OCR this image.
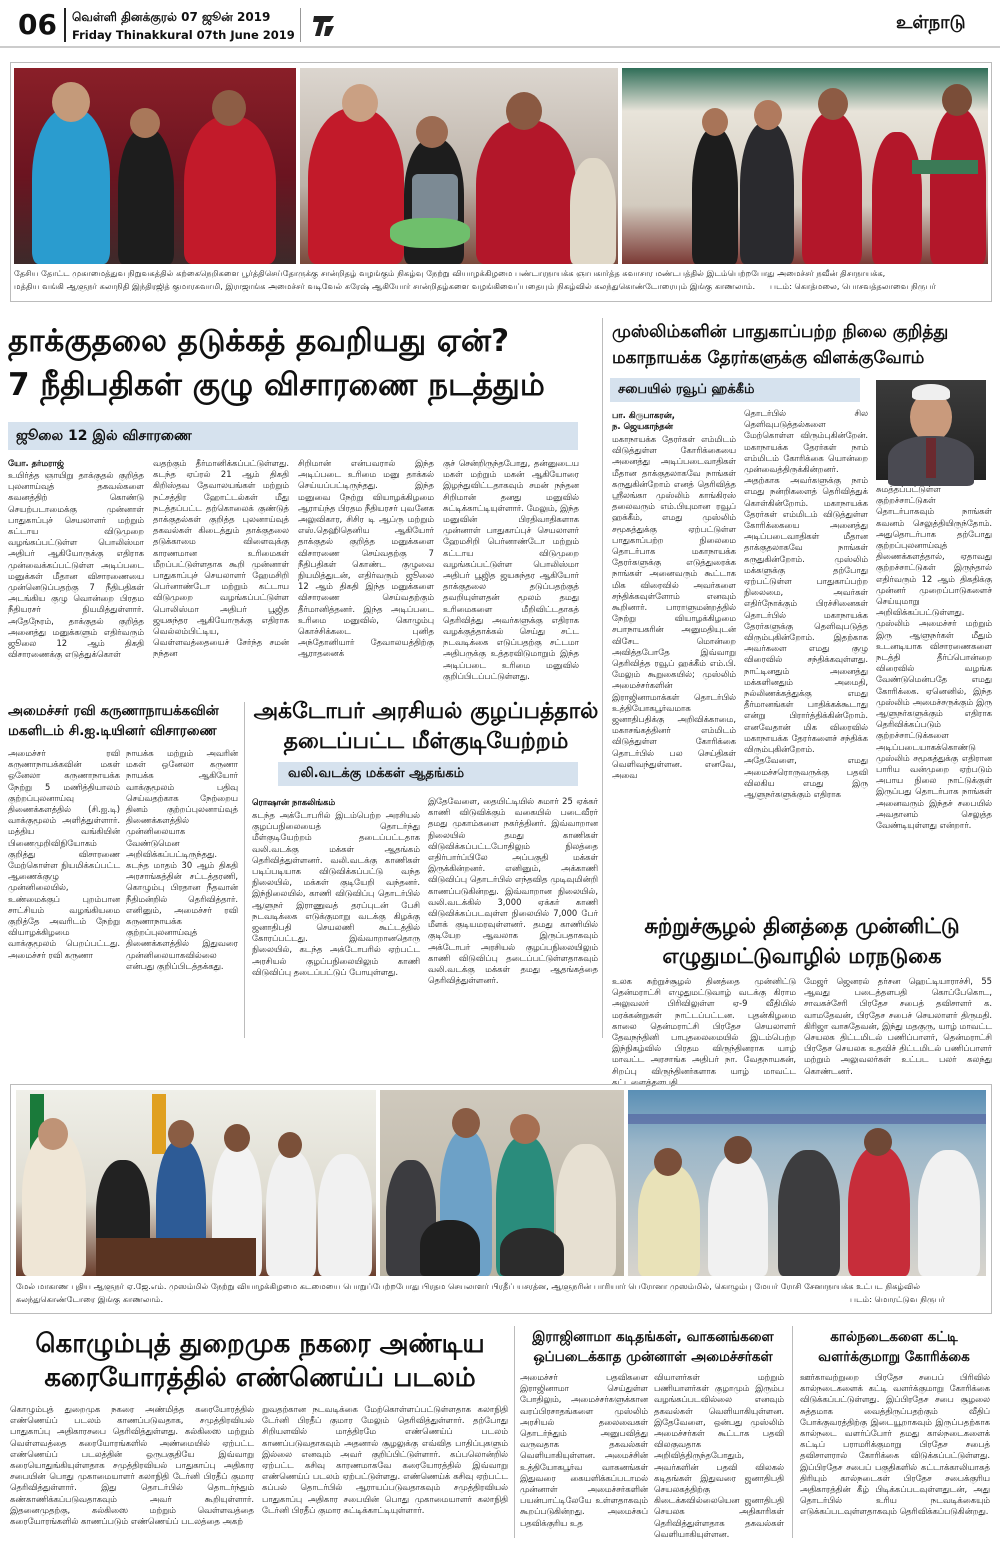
06 வெள்ளி தினக்குரல் 07 ஜூன் 2019
Friday Thinakkural 07th June 2019
உள்நாடு
தேசிய தோட்ட முகாமைத்துவ நிறுவகத்தில் கற்கைநெறிகளை பூர்த்திசெய்தோருக்கு சான்றிதழ் வழங்கும் நிகழ்வு நேற்று வியாழக்கிழமை பண்டாரநாயக்க ஞாபகார்த்த சுவாசார மண்டபத்தில் இடம்பெற்றபோது அமைச்சர் நவீன் திசாநாயக்க,
மத்திய வங்கி ஆளுநர் கலாநிதி இந்திரஜித் குமாரசுவாமி, இராஜாங்க அமைச்சர் வடிவேல் சுரேஷ் ஆகியோர் சான்றிதழ்களை வழங்கிவைப்பதையும் நிகழ்வில் கலந்துகொண்டோரையும் இங்கு காணலாம். படம்: கொத்மலை, பொசவத்தலாவை நிருபர்
தாக்குதலை தடுக்கத் தவறியது ஏன்?
7 நீதிபதிகள் குழு விசாரணை நடத்தும்
ஜூலை 12 இல் விசாரணை
யோ. தர்மராஜ்
உயிர்த்த ஞாயிறு தாக்குதல் குறித்த புலனாய்வுத் தகவல்களை கவனத்திற் கொண்டு செயற்படாமைக்கு முன்னாள் பாதுகாப்புச் செயலாளர் மற்றும் கட்டாய விடுமுறை வழங்கப்பட்டுள்ள பொலிஸ்மா அதிபர் ஆகியோருக்கு எதிராக முன்வைக்கப்பட்டுள்ள அடிப்படை மனுக்கள் மீதான விசாரணையை முன்னெடுப்பதற்கு 7 நீதிபதிகள் அடங்கிய குழு வொன்றை பிரதம நீதியரசர் நியமித்துள்ளார். அதேநேரம், தாக்குதல் குறித்த அனைத்து மனுக்களும் எதிர்வரும் ஜூலை 12 ஆம் திகதி விசாரணைக்கு எடுத்துக்கொள்
வதற்கும் தீர்மானிக்கப்பட்டுள்ளது. கடந்த ஏப்ரல் 21 ஆம் திகதி கிறிஸ்தவ தேவாலயங்கள் மற்றும் நட்சத்திர ஹோட்டல்கள் மீது நடத்தப்பட்ட தற்கொலைக் குண்டுத் தாக்குதல்கள் குறித்த புலனாய்வுத் தகவல்கள் கிடைத்தும் தாக்குதலை தடுக்காமை விளைவுக்கு காரணமான உரிமைகள் மீறப்பட்டுள்ளதாக கூறி முன்னாள் பாதுகாப்புச் செயலாளர் ஹேமசிறி பெர்னாண்டோ மற்றும் கட்டாய விடுமுறை வழங்கப்பட்டுள்ள பொலிஸ்மா அதிபர் பூஜித ஜயசுந்தர ஆகியோருக்கு எதிராக வெல்லம்பிட்டிய, வெள்ளவத்தையைச் சேர்ந்த சமன் நந்தன
சிறிமான் என்பவரால் இந்த அடிப்படை உரிமை மனு தாக்கல் செய்யப்பட்டிருந்தது. இந்த மனுவை நேற்று வியாழக்கிழமை ஆராய்ந்த பிரதம நீதியரசர் புவனேக அலுவிகார, சிசிர டி ஆப்ரு மற்றும் எஸ்.தெஹிதெனிய ஆகியோர் தாக்குதல் குறித்த மனுக்களை விசாரணை செய்வதற்கு 7 நீதிபதிகள் கொண்ட குழுவை நியமித்துடன், எதிர்வரும் ஜூலை 12 ஆம் திகதி இந்த மனுக்களை விசாரணை செய்வதற்கும் தீர்மானித்தனர். இந்த அடிப்படை உரிமை மனுவில், கொழும்பு கொச்சிக்கடை புனித அந்தோனியார் தேவாலயத்திற்கு ஆராதனைக்
குச் சென்றிருந்தபோது, தன்னுடைய மகள் மற்றும் மகன் ஆகியோரை இழந்துவிட்டதாகவும் சமன் நந்தன சிறிமான் தனது மனுவில் சுட்டிக்காட்டியுள்ளார். மேலும், இந்த மனுவின் பிரதிவாதிகளாக முன்னாள் பாதுகாப்புச் செயலாளர் ஹேமசிறி பெர்னாண்டோ மற்றும் கட்டாய விடுமுறை வழங்கப்பட்டுள்ள பொலிஸ்மா அதிபர் பூஜித ஜயசுந்தர ஆகியோர் தாக்குதலை தடுப்பதற்குத் தவறியுள்ளதன் மூலம் தமது உரிமைகளை மீறிவிட்டதாகத் தெரிவித்து அவர்களுக்கு எதிராக வழக்குத்தாக்கல் செய்து சட்ட நடவடிக்கை எடுப்பதற்கு சட்டமா அதிபருக்கு உத்தரவிடுமாறும் இந்த அடிப்படை உரிமை மனுவில் குறிப்பிடப்பட்டுள்ளது.
முஸ்லிம்களின் பாதுகாப்பற்ற நிலை குறித்து
மகாநாயக்க தேரர்களுக்கு விளக்குவோம்
சபையில் ரவூப் ஹக்கீம்
பா. கிருபாகரன்,
ந. ஜெயகாந்தன்
மகாநாயக்க தேரர்கள் எம்மிடம் விடுத்துள்ள கோரிக்கையை அனைத்து அடிப்படைவாதிகள் மீதான தாக்குதலாகவே நாங்கள் கருதுகின்றோம் எனத் தெரிவித்த ஸ்ரீலங்கா முஸ்லிம் காங்கிரஸ் தலைவரும் எம்.பியுமான ரவூப் ஹக்கீம், எமது முஸ்லிம் சமூகத்துக்கு ஏற்பட்டுள்ள பாதுகாப்பற்ற நிலைமை தொடர்பாக மகாநாயக்க தேரர்களுக்கு எடுத்துரைக்க நாங்கள் அனைவரும் கூட்டாக மிக விரைவில் அவர்களை சந்திக்கவுள்ளோம் எனவும் கூறினார். பாராளுமன்றத்தில் நேற்று வியாழக்கிழமை சபாநாயகரின் அனுமதியுடன் விசேட மொன்றை அவித்தபோதே இவ்வாறு தெரிவித்த ரவூப் ஹக்கீம் எம்.பி. மேலும் கூறுகையில்; முஸ்லிம் அமைச்சர்களின் இராஜினாமாக்கள் தொடர்பில் உத்தியோகபூர்வமாக ஜனாதிபதிக்கு அறிவிக்காமை, மகாசங்கத்தினர் எம்மிடம் விடுத்துள்ள கோரிக்கை தொடர்பில் பல செய்திகள் வெளிவந்துள்ளன. எனவே, அவை
தொடர்பில் சில தெளிவுபடுத்தல்களை மேற்கொள்ள விரும்புகின்றேன். மகாநாயக்க தேரர்கள் நாம் எம்மிடம் கோரிக்கை யொன்றை முன்வைத்திருக்கின்றனர். அதற்காக அவர்களுக்கு நாம் எமது நன்றிகளைத் தெரிவித்துக் கொள்கின்றோம். மகாநாயக்க தேரர்கள் எம்மிடம் விடுத்துள்ள கோரிக்கையை அனைத்து அடிப்படைவாதிகள் மீதான தாக்குதலாகவே நாங்கள் கருதுகின்றோம். முஸ்லிம் மக்களுக்கு தற்போது ஏற்பட்டுள்ள பாதுகாப்பற்ற நிலைமை, அவர்கள் எதிர்நோக்கும் பிரச்சினைகள் தொடர்பில் மகாநாயக்க தேரர்களுக்கு தெளிவுபடுத்த விரும்புகின்றோம். இதற்காக அவர்களை எமது குழு விரைவில் சந்திக்கவுள்ளது. நாட்டினதும் அனைத்து மக்களினதும் அமைதி, நல்லிணக்கத்துக்கு எமது தீர்மானங்கள் பாதிக்கக்கூடாது என்று பிரார்த்திக்கின்றோம். எனவேதான் மிக விரைவில் மகாநாயக்க தேரர்களைச் சந்திக்க விரும்புகின்றோம். அதேவேளை, எமது அமைச்சரொருவருக்கு பதவி விலகிய எமது இரு ஆளுநர்களுக்கும் எதிராக
சுமத்தப்பட்டுள்ள குற்றச்சாட்டுகள் தொடர்பாகவும் நாங்கள் கவனம் செலுத்தியிருந்தோம். அதுதொடர்பாக தற்போது குற்றப்புலனாய்வுத் திணைக்களத்தால், ஏதாவது குற்றச்சாட்டுகள் இருந்தால் எதிர்வரும் 12 ஆம் திகதிக்கு முன்னர் முறைப்பாடுகளைச் செய்யுமாறு அறிவிக்கப்பட்டுள்ளது. முஸ்லிம் அமைச்சர் மற்றும் இரு ஆளுநர்கள் மீதும் உடனடியாக விசாரணைகளை நடத்தி தீர்ப்பொன்றை விரைவில் வழங்க வேண்டுமென்பதே எமது கோரிக்கை. ஏனெனில், இந்த முஸ்லிம் அமைச்சருக்கும் இரு ஆளுநர்களுக்கும் எதிராக தெரிவிக்கப்படும் குற்றச்சாட்டுக்களை அடிப்படையாகக்கொண்டு முஸ்லிம் சமூகத்துக்கு எதிரான பாரிய வன்முறை ஏற்படும் அபாய நிலை நாட்டுக்குள் இருப்பது தொடர்பாக நாங்கள் அனைவரும் இந்தச் சபையில் அவதானம் செலுத்த வேண்டியுள்ளது என்றார்.
அமைச்சர் ரவி கருணாநாயக்கவின்
மகளிடம் சி.ஐ.டியினர் விசாரணை
அமைச்சர் ரவி கருணாநாயக்கவின் மகள் ஒனேலா கருணாநாயக்க நேற்று 5 மணித்தியாலம் குற்றப்புலனாய்வு திணைக்களத்தில் (சி.ஐ.டி) வாக்குமூலம் அளித்துள்ளார். மத்திய வங்கியின் பிணைமுறிவிநியோகம் குறித்து விசாரணை மேற்கொள்ள நியமிக்கப்பட்ட ஆணைக்குழு முன்னிலையில், உண்மைக்குப் புறம்பான சாட்சியம் வழங்கியமை குறித்தே அவரிடம் நேற்று வியாழக்கிழமை வாக்குமூலம் பெறப்பட்டது. அமைச்சர் ரவி கருணா
நாயக்க மற்றும் அவரின் மகள் ஒனேலா கருணா நாயக்க ஆகியோர் வாக்குமூலம் பதிவு செய்வதற்காக நேற்றைய தினம் குற்றப்புலனாய்வுத் திணைக்களத்தில் முன்னிலையாக வேண்டுமென அறிவிக்கப்பட்டிருந்தது. கடந்த மாதம் 30 ஆம் திகதி அரசாங்கத்தின் சட்டத்தரணி, கொழும்பு பிரதான நீதவான் நீதிமன்றில் தெரிவித்தார். எனினும், அமைச்சர் ரவி கருணாநாயக்க குற்றப்புலனாய்வுத் திணைக்களத்தில் இதுவரை முன்னிலையாகவில்லை என்பது குறிப்பிடத்தக்கது.
அக்டோபர் அரசியல் குழப்பத்தால்
தடைப்பட்ட மீள்குடியேற்றம்
வலி.வடக்கு மக்கள் ஆதங்கம்
ரொஷான் நாகலிங்கம்
கடந்த அக்டோபரில் இடம்பெற்ற அரசியல் குழப்பநிலையைத் தொடர்ந்து மீள்குடியேற்றம் தடைப்பட்டதாக வலி.வடக்கு மக்கள் ஆதங்கம் தெரிவித்துள்ளனர். வலி.வடக்கு காணிகள் படிப்படியாக விடுவிக்கப்பட்டு வந்த நிலையில், மக்கள் குடியேறி வந்தனர். இந்நிலையில், காணி விடுவிப்பு தொடர்பில் ஆளுநர் இராணுவத் தரப்புடன் பேசி நடவடிக்கை எடுக்குமாறு வடக்கு கிழக்கு ஜனாதிபதி செயலணி கூட்டத்தில் கோரப்பட்டது. இவ்வாறானதொரு நிலையில், கடந்த அக்டோபரில் ஏற்பட்ட அரசியல் குழப்பநிலையிலும் காணி விடுவிப்பு தடைப்பட்டுப் போயுள்ளது.
இதேவேளை, தையிட்டியில் சுமார் 25 ஏக்கர் காணி விடுவிக்கும் வகையில் படைவீரர் தமது முகாம்களை நகர்த்தினர். இவ்வாறான நிலையில் தமது காணிகள் விடுவிக்கப்பட்டபோதிலும் நிலத்தை எதிர்பார்ப்பிலே அப்பகுதி மக்கள் இருக்கின்றனர். எனினும், அக்காணி விடுவிப்பு தொடர்பில் எந்தவித முடிவுமின்றி காணப்படுகின்றது. இவ்வாறான நிலையில், வலி.வடக்கில் 3,000 ஏக்கர் காணி விடுவிக்கப்படவுள்ள நிலையில் 7,000 பேர் மீளக் குடியமரவுள்ளனர். தமது காணியில் குடியேற ஆவலாக இருப்பதாகவும் அக்டோபர் அரசியல் குழப்பநிலையிலும் காணி விடுவிப்பு தடைப்பட்டுள்ளதாகவும் வலி.வடக்கு மக்கள் தமது ஆதங்கத்தை தெரிவித்துள்ளனர்.
சுற்றுச்சூழல் தினத்தை முன்னிட்டு
எழுதுமட்டுவாழில் மரநடுகை
உலக சுற்றுச்சூழல் தினத்தை முன்னிட்டு தென்மராட்சி எழுதுமட்டுவாழ் வடக்கு கிராம அலுவலர் பிரிவிலுள்ள ஏ-9 வீதியில் மரக்கன்றுகள் நாட்டப்பட்டன. புதன்கிழமை காலை தென்மராட்சி பிரதேச செயலாளர் தேவநந்தினி பாபுதலைமையில் இடம்பெற்ற இந்நிகழ்வில் பிரதம விருந்தினராக யாழ் மாவட்ட அரசாங்க அதிபர் நா. வேதநாயகன், சிறப்பு விருந்தினர்களாக யாழ் மாவட்ட கட்டளைத்தளபதி
மேஜர் ஜெனரல் தர்சன ஹெட்டியாராச்சி, 55 ஆவது படைத்தளபதி கொப்பேகொட, சாவகச்சேரி பிரதேச சபைத் தவிசாளர் க. வாமதேவன், பிரதேச சபைச் செயலாளர் திருமதி. கிரிஜா வாசுதேவன், இந்து மதகுரு, யாழ் மாவட்ட செயலக திட்டமிடல் பணிப்பாளர், தென்மராட்சி பிரதேச செயலக உதவிச் திட்டமிடல் பணிப்பாளர் மற்றும் அலுவலர்கள் உட்பட பலர் கலந்து கொண்டனர்.
மேல் மாகாண புதிய ஆளுநர் ஏ.ஜே.எம். முஸம்மில் நேற்று வியாழக்கிழமை கடமையை பொறுப்பேற்றபோது பிரதம செயலாளர் பிரதீப் யசரத்ன, ஆளுநரின் பாரியார் பெரோனா முஸம்மில், கொழும்பு மேயர் ரோசி சேனாநாயக்க உட்பட நிகழ்வில்
கலந்துகொண்டோரை இங்கு காணலாம்.	படம்: மொரட்டுவ நிருபர்
கொழும்புத் துறைமுக நகரை அண்டிய
கரையோரத்தில் எண்ணெய்ப் படலம்
கொழும்புத் துறைமுக நகரை அண்மித்த கரையோரத்தில் எண்ணெய்ப் படலம் காணப்படுவதாக, சமுத்திரவியல் பாதுகாப்பு அதிகாரசபை தெரிவித்துள்ளது. கல்கிஸை மற்றும் வெள்ளவத்தை கரையோரங்களில் அண்மையில் ஏற்பட்ட எண்ணெய்ப் படலத்தின் ஒருபகுதியே இவ்வாறு கரையொதுங்கியுள்ளதாக சமுத்திரவியல் பாதுகாப்பு அதிகார சபையின் பொது முகாமையாளர் கலாநிதி டேர்னி பிரதீப் குமார தெரிவித்துள்ளார். இது தொடர்பில் தொடர்ந்தும் கண்காணிக்கப்படுவதாகவும் அவர் கூறியுள்ளார். இதனைமுதற்கு, கல்கிஸை மற்றும் வெள்ளவத்தை கரையோரங்களில் காணப்படும் எண்ணெய்ப் படலத்தை அகற்
றுவதற்கான நடவடிக்கை மேற்கொள்ளப்பட்டுள்ளதாக கலாநிதி டேர்னி பிரதீப் குமார மேலும் தெரிவித்துள்ளார். தற்போது சிறியளவில் மாத்திரமே எண்ணெய்ப் படலம் காணப்படுவதாகவும் அதனால் சூழலுக்கு எவ்வித பாதிப்புகளும் இல்லை எனவும் அவர் குறிப்பிட்டுள்ளார். கப்பலொன்றில் ஏற்பட்ட கசிவு காரணமாகவே கரையோரத்தில் இவ்வாறு எண்ணெய்ப் படலம் ஏற்பட்டுள்ளது. எண்ணெய்க் கசிவு ஏற்பட்ட கப்பல் தொடர்பில் ஆராயப்படுவதாகவும் சமுத்திரவியல் பாதுகாப்பு அதிகார சபையின் பொது முகாமையாளர் கலாநிதி டேர்னி பிரதீப் குமார சுட்டிக்காட்டியுள்ளார்.
இராஜினாமா கடிதங்கள், வாகனங்களை
ஒப்படைக்காத முன்னாள் அமைச்சர்கள்
அமைச்சர் பதவிகளை இராஜினாமா செய்துள்ள போதிலும், அமைச்சர்களுக்கான வரப்பிரசாதங்களை முஸ்லிம் அரசியல் தலைவைகள் தொடர்ந்தும் அனுபவித்து வருவதாக தகவல்கள் வெளியாகியுள்ளன. அமைச்சின் உத்தியோகபூர்வ வாகனங்கள் இதுவரை கையளிக்கப்படாமல் முன்னாள் அமைச்சர்களின் பயன்பாட்டிலேயே உள்ளதாகவும் கூறப்படுகின்றது. அமைச்சுப் பதவிக்குரிய உத
வியாளர்கள் மற்றும் பணியாளர்கள் குழாமும் இரும்ப வழங்கப்படவில்லை எனவும் தகவல்கள் வெளியாகியுள்ளன. இதேவேளை, ஒன்பது முஸ்லிம் அமைச்சர்கள் கூட்டாக பதவி விலகுவதாக அறிவித்திருந்தபோதும், அவர்களின் பதவி விலகல் கடிதங்கள் இதுவரை ஜனாதிபதி செயலகத்திற்கு கிடைக்கவில்லையென ஜனாதிபதி செயலக அதிகாரிகள் தெரிவித்துள்ளதாக தகவல்கள் வெளியாகியுள்ளன.
கால்நடைகளை கட்டி
வளர்க்குமாறு கோரிக்கை
ஊர்காவற்றுறை பிரதேச சபைப் பிரிவில் கால்நடைகளைக் கட்டி வளர்க்குமாறு கோரிக்கை விடுக்கப்பட்டுள்ளது. இப்பிரதேச சபை சூழலை சுத்தமாக வைத்திருப்பதற்கும் வீதிப் போக்குவரத்திற்கு இடையூறாகவும் இருப்பதற்காக கால்நடை வளர்ப்போர் தமது கால்நடைகளைக் கட்டிப் பராமரிக்குமாறு பிரதேச சபைத் தவிசாளரால் கோரிக்கை விடுக்கப்பட்டுள்ளது. இப்பிரதேச சபைப் பகுதிகளில் கட்டாக்காலியாகத் திரியும் கால்நடைகள் பிரதேச சபைக்குரிய அதிகாரத்தின் கீழ் பிடிக்கப்படவுள்ளதுடன், அது தொடர்பில் உரிய நடவடிக்கையும் எடுக்கப்படவுள்ளதாகவும் தெரிவிக்கப்படுகின்றது.
